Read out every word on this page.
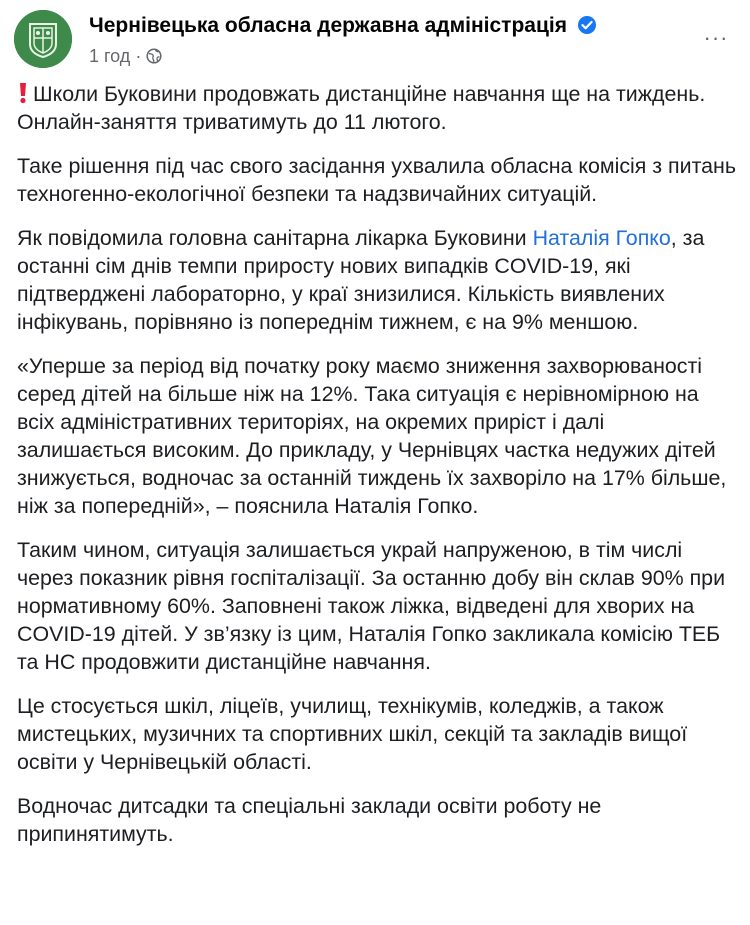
Чернівецька обласна державна адміністрація
1 год ·
···

Школи Буковини продовжать дистанційне навчання ще на тиждень. Онлайн-заняття триватимуть до 11 лютого.

Таке рішення під час свого засідання ухвалила обласна комісія з питань техногенно-екологічної безпеки та надзвичайних ситуацій.

Як повідомила головна санітарна лікарка Буковини Наталія Гопко, за останні сім днів темпи приросту нових випадків COVID-19, які підтверджені лабораторно, у краї знизилися. Кількість виявлених інфікувань, порівняно із попереднім тижнем, є на 9% меншою.

«Уперше за період від початку року маємо зниження захворюваності серед дітей на більше ніж на 12%. Така ситуація є нерівномірною на всіх адміністративних територіях, на окремих приріст і далі залишається високим. До прикладу, у Чернівцях частка недужих дітей знижується, водночас за останній тиждень їх захворіло на 17% більше, ніж за попередній», – пояснила Наталія Гопко.

Таким чином, ситуація залишається украй напруженою, в тім числі через показник рівня госпіталізації. За останню добу він склав 90% при нормативному 60%. Заповнені також ліжка, відведені для хворих на COVID-19 дітей. У зв’язку із цим, Наталія Гопко закликала комісію ТЕБ та НС продовжити дистанційне навчання.

Це стосується шкіл, ліцеїв, училищ, технікумів, коледжів, а також мистецьких, музичних та спортивних шкіл, секцій та закладів вищої освіти у Чернівецькій області.

Водночас дитсадки та спеціальні заклади освіти роботу не припинятимуть.
